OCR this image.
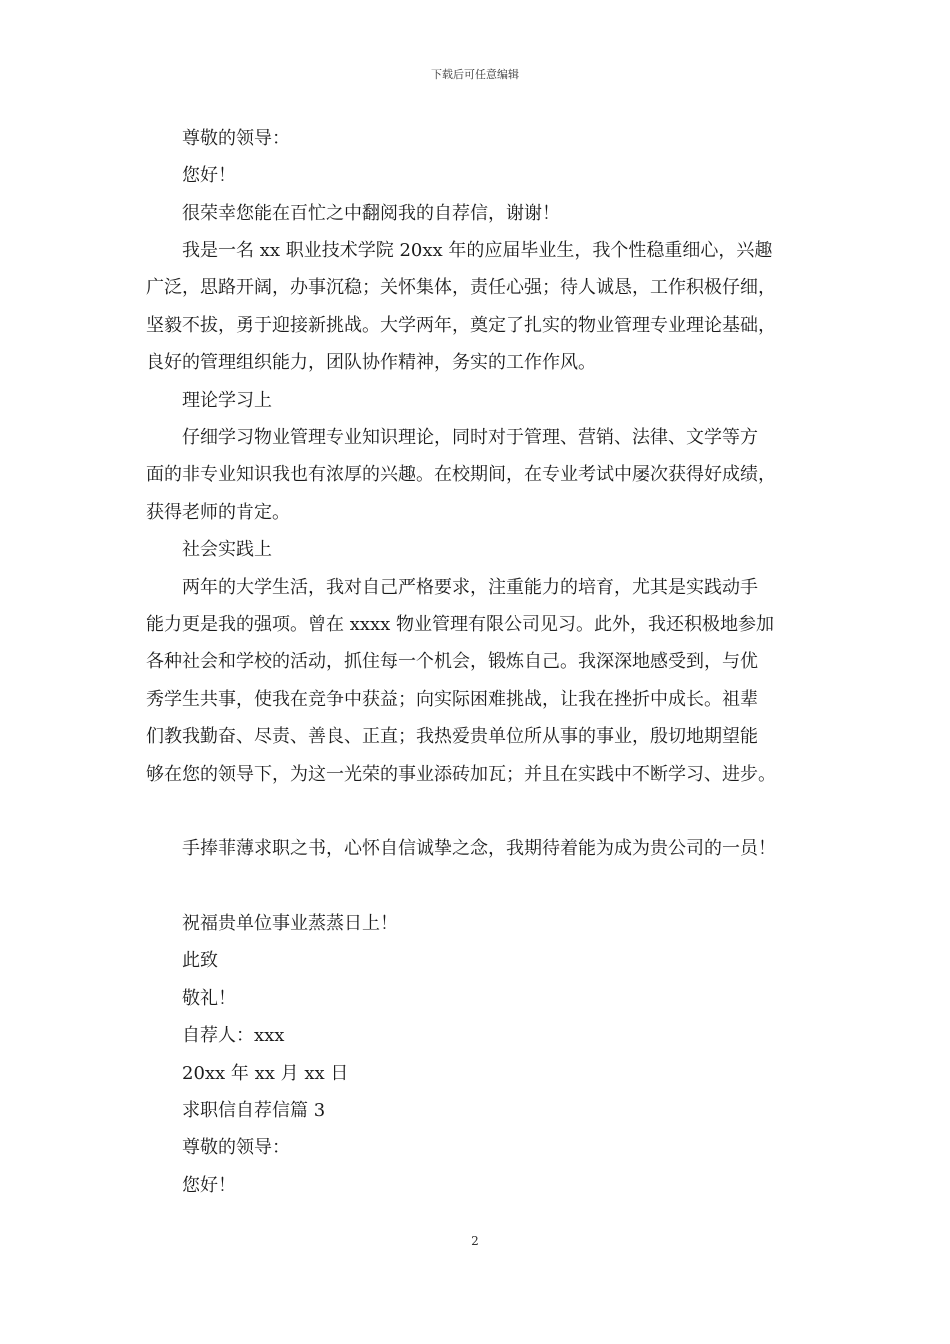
下载后可任意编辑
尊敬的领导：
您好！
很荣幸您能在百忙之中翻阅我的自荐信，谢谢！
我是一名 xx 职业技术学院 20xx 年的应届毕业生，我个性稳重细心，兴趣
广泛，思路开阔，办事沉稳；关怀集体，责任心强；待人诚恳，工作积极仔细，
坚毅不拔，勇于迎接新挑战。大学两年，奠定了扎实的物业管理专业理论基础，
良好的管理组织能力，团队协作精神，务实的工作作风。
理论学习上
仔细学习物业管理专业知识理论，同时对于管理、营销、法律、文学等方
面的非专业知识我也有浓厚的兴趣。在校期间，在专业考试中屡次获得好成绩，
获得老师的肯定。
社会实践上
两年的大学生活，我对自己严格要求，注重能力的培育，尤其是实践动手
能力更是我的强项。曾在 xxxx 物业管理有限公司见习。此外，我还积极地参加
各种社会和学校的活动，抓住每一个机会，锻炼自己。我深深地感受到，与优
秀学生共事，使我在竞争中获益；向实际困难挑战，让我在挫折中成长。祖辈
们教我勤奋、尽责、善良、正直；我热爱贵单位所从事的事业，殷切地期望能
够在您的领导下，为这一光荣的事业添砖加瓦；并且在实践中不断学习、进步。
手捧菲薄求职之书，心怀自信诚挚之念，我期待着能为成为贵公司的一员！
祝福贵单位事业蒸蒸日上！
此致
敬礼！
自荐人：xxx
20xx 年 xx 月 xx 日
求职信自荐信篇 3
尊敬的领导：
您好！
2
